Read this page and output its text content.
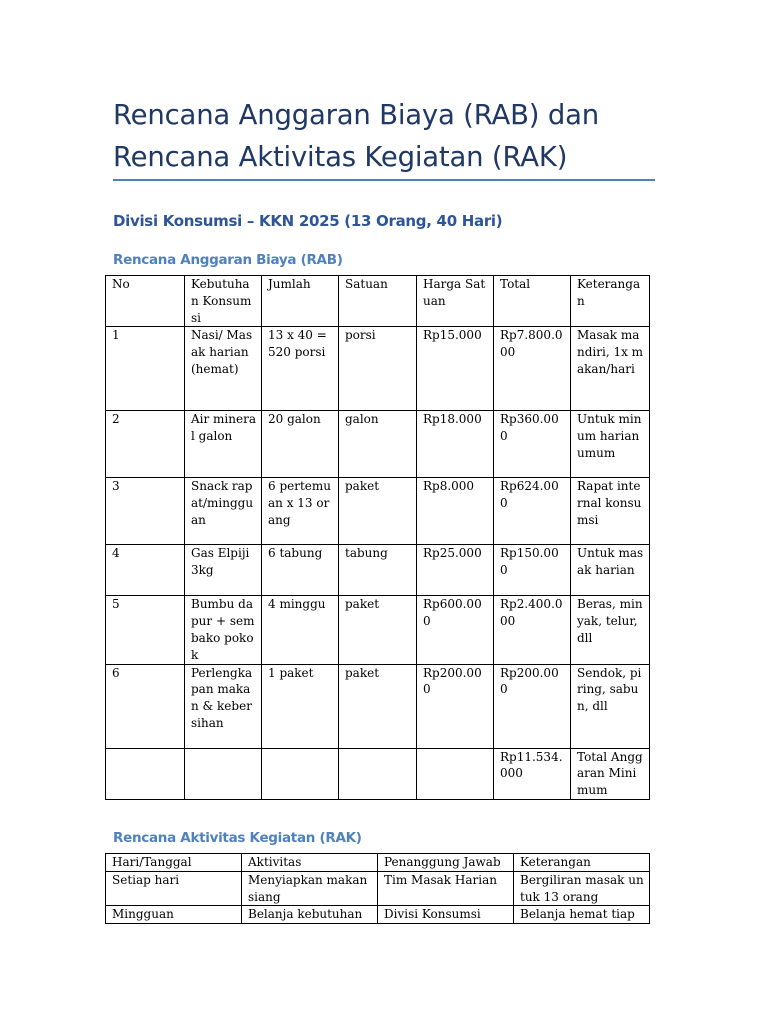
Rencana Anggaran Biaya (RAB) dan
Rencana Aktivitas Kegiatan (RAK)
Divisi Konsumsi – KKN 2025 (13 Orang, 40 Hari)
Rencana Anggaran Biaya (RAB)
No	Kebutuhan Konsumsi	Jumlah	Satuan	Harga Satuan	Total	Keterangan
1	Nasi/ Masak harian (hemat)	13 x 40 = 520 porsi	porsi	Rp15.000	Rp7.800.000	Masak mandiri, 1x makan/hari
2	Air mineral galon	20 galon	galon	Rp18.000	Rp360.000	Untuk minum harian umum
3	Snack rapat/mingguan	6 pertemuan x 13 orang	paket	Rp8.000	Rp624.000	Rapat internal konsumsi
4	Gas Elpiji 3kg	6 tabung	tabung	Rp25.000	Rp150.000	Untuk masak harian
5	Bumbu dapur + sembako pokok	4 minggu	paket	Rp600.000	Rp2.400.000	Beras, minyak, telur, dll
6	Perlengkapan makan & kebersihan	1 paket	paket	Rp200.000	Rp200.000	Sendok, piring, sabun, dll
					Rp11.534.000	Total Anggaran Minimum
Rencana Aktivitas Kegiatan (RAK)
Hari/Tanggal	Aktivitas	Penanggung Jawab	Keterangan
Setiap hari	Menyiapkan makan siang	Tim Masak Harian	Bergiliran masak untuk 13 orang
Mingguan	Belanja kebutuhan	Divisi Konsumsi	Belanja hemat tiap
